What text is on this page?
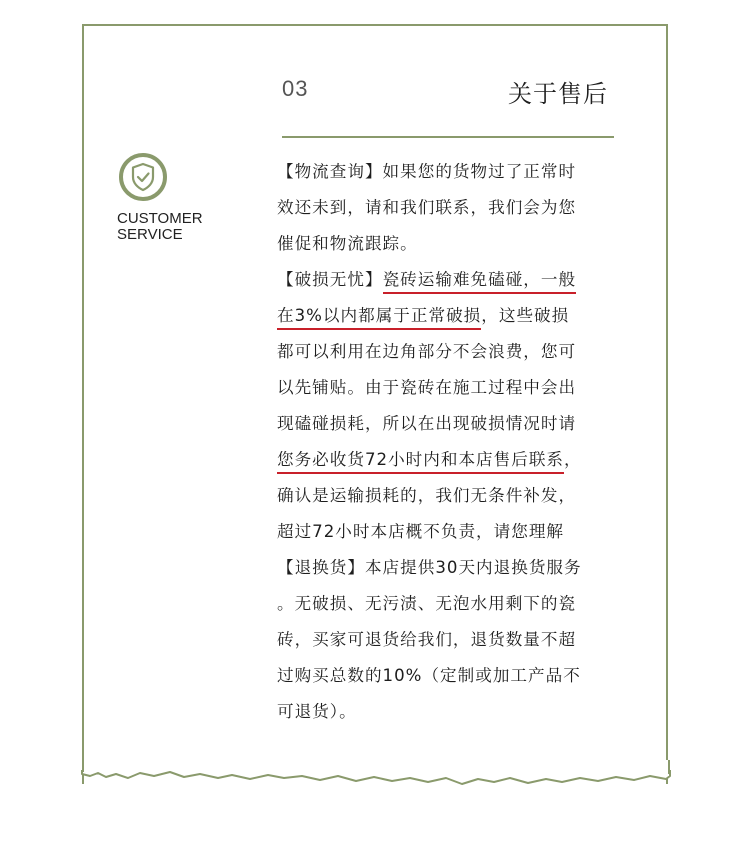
03	关于售后
CUSTOMER
SERVICE
【物流查询】如果您的货物过了正常时
效还未到，请和我们联系，我们会为您
催促和物流跟踪。
【破损无忧】瓷砖运输难免磕碰，一般
在3%以内都属于正常破损，这些破损
都可以利用在边角部分不会浪费，您可
以先铺贴。由于瓷砖在施工过程中会出
现磕碰损耗，所以在出现破损情况时请
您务必收货72小时内和本店售后联系，
确认是运输损耗的，我们无条件补发，
超过72小时本店概不负责，请您理解
【退换货】本店提供30天内退换货服务
。无破损、无污渍、无泡水用剩下的瓷
砖，买家可退货给我们，退货数量不超
过购买总数的10%（定制或加工产品不
可退货）。
